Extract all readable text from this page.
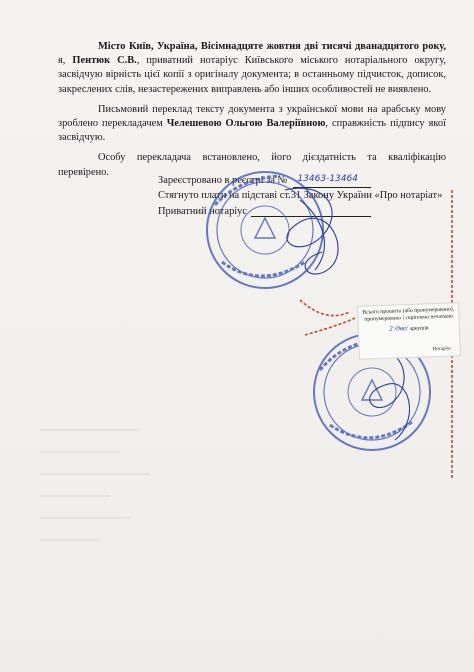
Місто Київ, Україна, Вісімнадцяте жовтня дві тисячі дванадцятого року, я, Пентюк С.В., приватний нотаріус Київського міського нотаріального округу, засвідчую вірність цієї копії з оригіналу документа; в останньому підчисток, дописок, закреслених слів, незастережених виправлень або інших особливостей не виявлено.

Письмовий переклад тексту документа з української мови на арабську мову зроблено перекладачем Челешевою Ольгою Валеріївною, справжність підпису якої засвідчую.

Особу перекладача встановлено, його дієздатність та кваліфікацію перевірено.

Зареєстровано в реєстрі за №	13463-13464
Стягнуто плати на підставі ст.31 Закону України «Про нотаріат»
Приватний нотаріус
Всього прошито (або пронумеровано), пронумеровано і скріплено печаткою
2 /две/ аркушів
Нотаріус
